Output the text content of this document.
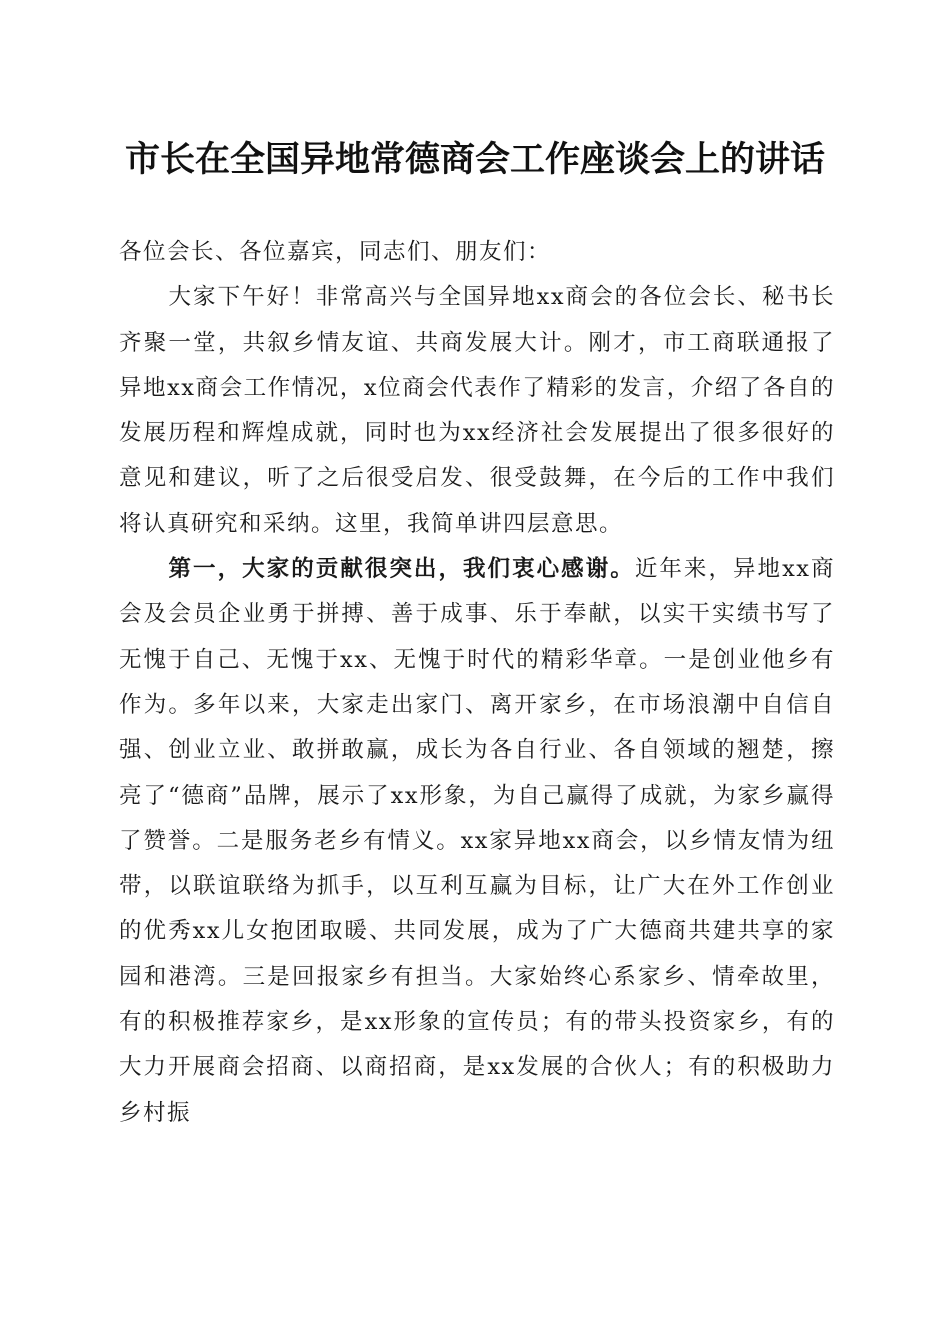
市长在全国异地常德商会工作座谈会上的讲话

各位会长、各位嘉宾，同志们、朋友们：

大家下午好！非常高兴与全国异地xx商会的各位会长、秘书长齐聚一堂，共叙乡情友谊、共商发展大计。刚才，市工商联通报了异地xx商会工作情况，x位商会代表作了精彩的发言，介绍了各自的发展历程和辉煌成就，同时也为xx经济社会发展提出了很多很好的意见和建议，听了之后很受启发、很受鼓舞，在今后的工作中我们将认真研究和采纳。这里，我简单讲四层意思。

第一，大家的贡献很突出，我们衷心感谢。近年来，异地xx商会及会员企业勇于拼搏、善于成事、乐于奉献，以实干实绩书写了无愧于自己、无愧于xx、无愧于时代的精彩华章。一是创业他乡有作为。多年以来，大家走出家门、离开家乡，在市场浪潮中自信自强、创业立业、敢拼敢赢，成长为各自行业、各自领域的翘楚，擦亮了“德商”品牌，展示了xx形象，为自己赢得了成就，为家乡赢得了赞誉。二是服务老乡有情义。xx家异地xx商会，以乡情友情为纽带，以联谊联络为抓手，以互利互赢为目标，让广大在外工作创业的优秀xx儿女抱团取暖、共同发展，成为了广大德商共建共享的家园和港湾。三是回报家乡有担当。大家始终心系家乡、情牵故里，有的积极推荐家乡，是xx形象的宣传员；有的带头投资家乡，有的大力开展商会招商、以商招商，是xx发展的合伙人；有的积极助力乡村振
